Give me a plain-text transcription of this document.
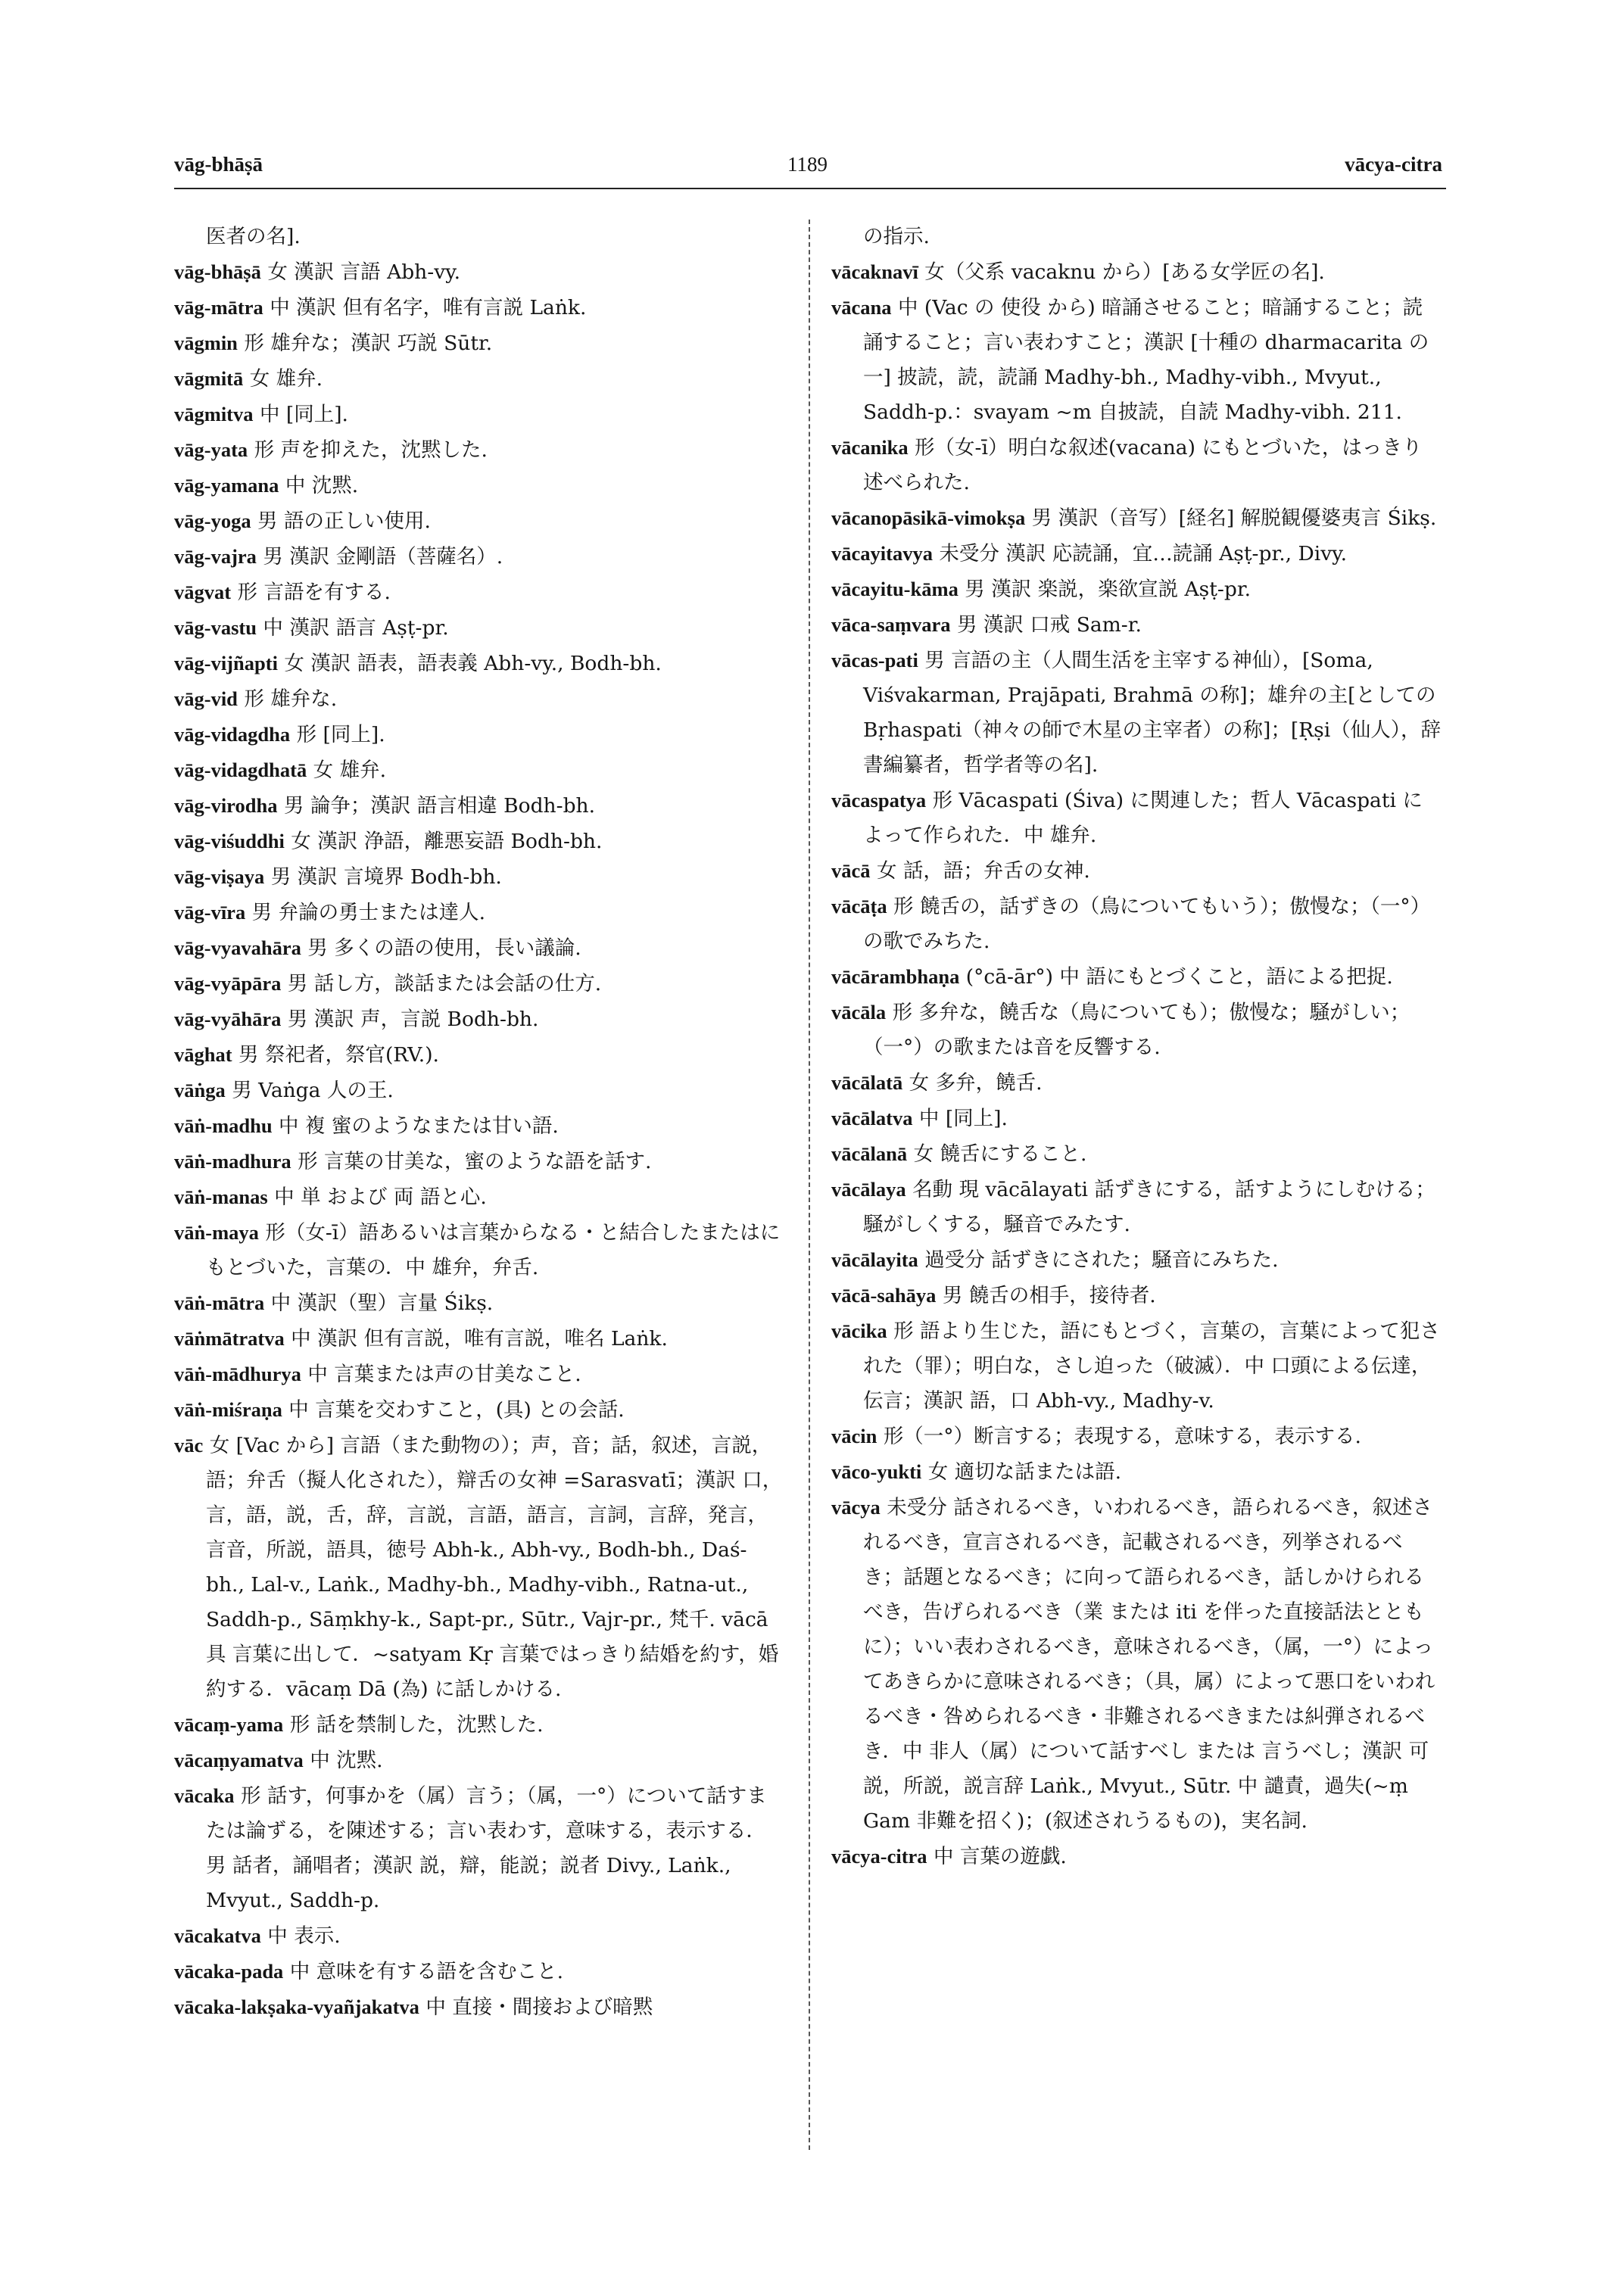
vāg-bhāṣā	1189	vācya-citra

医者の名].

vāg-bhāṣā 女 漢訳 言語 Abh-vy.

vāg-mātra 中 漢訳 但有名字，唯有言説 Laṅk.

vāgmin 形 雄弁な；漢訳 巧説 Sūtr.

vāgmitā 女 雄弁.

vāgmitva 中 [同上].

vāg-yata 形 声を抑えた，沈黙した.

vāg-yamana 中 沈黙.

vāg-yoga 男 語の正しい使用.

vāg-vajra 男 漢訳 金剛語（菩薩名）.

vāgvat 形 言語を有する.

vāg-vastu 中 漢訳 語言 Aṣṭ-pr.

vāg-vijñapti 女 漢訳 語表，語表義 Abh-vy., Bodh-bh.

vāg-vid 形 雄弁な.

vāg-vidagdha 形 [同上].

vāg-vidagdhatā 女 雄弁.

vāg-virodha 男 論争；漢訳 語言相違 Bodh-bh.

vāg-viśuddhi 女 漢訳 浄語，離悪妄語 Bodh-bh.

vāg-viṣaya 男 漢訳 言境界 Bodh-bh.

vāg-vīra 男 弁論の勇士または達人.

vāg-vyavahāra 男 多くの語の使用，長い議論.

vāg-vyāpāra 男 話し方，談話または会話の仕方.

vāg-vyāhāra 男 漢訳 声，言説 Bodh-bh.

vāghat 男 祭祀者，祭官(RV.).

vāṅga 男 Vaṅga 人の王.

vāṅ-madhu 中 複 蜜のようなまたは甘い語.

vāṅ-madhura 形 言葉の甘美な，蜜のような語を話す.

vāṅ-manas 中 単 および 両 語と心.

vāṅ-maya 形（女-ī）語あるいは言葉からなる・と結合したまたはにもとづいた，言葉の．中 雄弁，弁舌.

vāṅ-mātra 中 漢訳（聖）言量 Śikṣ.

vāṅmātratva 中 漢訳 但有言説，唯有言説，唯名 Laṅk.

vāṅ-mādhurya 中 言葉または声の甘美なこと.

vāṅ-miśraṇa 中 言葉を交わすこと，(具) との会話.

vāc 女 [Vac から] 言語（また動物の）；声，音；話，叙述，言説，語；弁舌（擬人化された），辯舌の女神 =Sarasvatī；漢訳 口，言，語，説，舌，辞，言説，言語，語言，言詞，言辞，発言，言音，所説，語具，徳号 Abh-k., Abh-vy., Bodh-bh., Daś-bh., Lal-v., Laṅk., Madhy-bh., Madhy-vibh., Ratna-ut., Saddh-p., Sāṃkhy-k., Sapt-pr., Sūtr., Vajr-pr., 梵千. vācā 具 言葉に出して．~satyam Kṛ 言葉ではっきり結婚を約す，婚約する．vācaṃ Dā (為) に話しかける.

vācaṃ-yama 形 話を禁制した，沈黙した.

vācaṃyamatva 中 沈黙.

vācaka 形 話す，何事かを（属）言う；（属，一°）について話すまたは論ずる，を陳述する；言い表わす，意味する，表示する．男 話者，誦唱者；漢訳 説，辯，能説；説者 Divy., Laṅk., Mvyut., Saddh-p.

vācakatva 中 表示.

vācaka-pada 中 意味を有する語を含むこと.

vācaka-lakṣaka-vyañjakatva 中 直接・間接および暗黙

の指示.

vācaknavī 女（父系 vacaknu から）[ある女学匠の名].

vācana 中 (Vac の 使役 から) 暗誦させること；暗誦すること；読誦すること；言い表わすこと；漢訳 [十種の dharmacarita の一] 披読，読，読誦 Madhy-bh., Madhy-vibh., Mvyut., Saddh-p.：svayam ~m 自披読，自読 Madhy-vibh. 211.

vācanika 形（女-ī）明白な叙述(vacana) にもとづいた，はっきり述べられた.

vācanopāsikā-vimokṣa 男 漢訳（音写）[経名] 解脱観優婆夷言 Śikṣ.

vācayitavya 未受分 漢訳 応読誦，宜…読誦 Aṣṭ-pr., Divy.

vācayitu-kāma 男 漢訳 楽説，楽欲宣説 Aṣṭ-pr.

vāca-saṃvara 男 漢訳 口戒 Sam-r.

vācas-pati 男 言語の主（人間生活を主宰する神仙），[Soma, Viśvakarman, Prajāpati, Brahmā の称]；雄弁の主[としての Bṛhaspati（神々の師で木星の主宰者）の称]；[Ṛṣi（仙人），辞書編纂者，哲学者等の名].

vācaspatya 形 Vācaspati (Śiva) に関連した；哲人 Vācaspati によって作られた．中 雄弁.

vācā 女 話，語；弁舌の女神.

vācāṭa 形 饒舌の，話ずきの（鳥についてもいう）；傲慢な；（一°）の歌でみちた.

vācārambhaṇa (°cā-ār°) 中 語にもとづくこと，語による把捉.

vācāla 形 多弁な，饒舌な（鳥についても）；傲慢な；騒がしい；（一°）の歌または音を反響する.

vācālatā 女 多弁，饒舌.

vācālatva 中 [同上].

vācālanā 女 饒舌にすること.

vācālaya 名動 現 vācālayati 話ずきにする，話すようにしむける；騒がしくする，騒音でみたす.

vācālayita 過受分 話ずきにされた；騒音にみちた.

vācā-sahāya 男 饒舌の相手，接待者.

vācika 形 語より生じた，語にもとづく，言葉の，言葉によって犯された（罪）；明白な，さし迫った（破滅）．中 口頭による伝達，伝言；漢訳 語，口 Abh-vy., Madhy-v.

vācin 形（一°）断言する；表現する，意味する，表示する.

vāco-yukti 女 適切な話または語.

vācya 未受分 話されるべき，いわれるべき，語られるべき，叙述されるべき，宣言されるべき，記載されるべき，列挙されるべき；話題となるべき；に向って語られるべき，話しかけられるべき，告げられるべき（業 または iti を伴った直接話法とともに）；いい表わされるべき，意味されるべき，（属，一°）によってあきらかに意味されるべき；（具，属）によって悪口をいわれるべき・咎められるべき・非難されるべきまたは糾弾されるべき．中 非人（属）について話すべし または 言うべし；漢訳 可説，所説，説言辞 Laṅk., Mvyut., Sūtr. 中 譴責，過失(~ṃ Gam 非難を招く)；(叙述されうるもの)，実名詞.

vācya-citra 中 言葉の遊戯.
